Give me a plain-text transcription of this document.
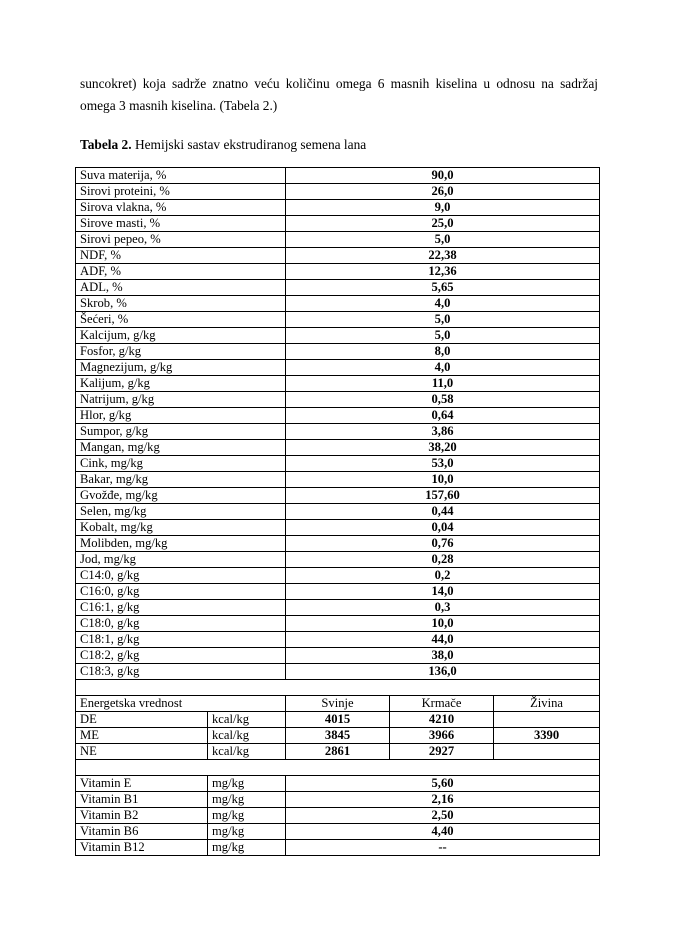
suncokret) koja sadrže znatno veću količinu omega 6 masnih kiselina u odnosu na sadržaj

omega 3 masnih kiselina. (Tabela 2.)

Tabela 2. Hemijski sastav ekstrudiranog semena lana
Suva materija, %		90,0		
Sirovi proteini, %		26,0		
Sirova vlakna, %		9,0		
Sirove masti, %		25,0		
Sirovi pepeo, %		5,0		
NDF, %		22,38		
ADF, %		12,36		
ADL, %		5,65		
Skrob, %		4,0		
Šećeri, %		5,0		
Kalcijum, g/kg		5,0		
Fosfor, g/kg		8,0		
Magnezijum, g/kg		4,0		
Kalijum, g/kg		11,0		
Natrijum, g/kg		0,58		
Hlor, g/kg		0,64		
Sumpor, g/kg		3,86		
Mangan, mg/kg		38,20		
Cink, mg/kg		53,0		
Bakar, mg/kg		10,0		
Gvožđe, mg/kg		157,60		
Selen, mg/kg		0,44		
Kobalt, mg/kg		0,04		
Molibden, mg/kg		0,76		
Jod, mg/kg		0,28		
C14:0, g/kg		0,2		
C16:0, g/kg		14,0		
C16:1, g/kg		0,3		
C18:0, g/kg		10,0		
C18:1, g/kg		44,0		
C18:2, g/kg		38,0		
C18:3, g/kg		136,0		

Energetska vrednost		Svinje	Krmače	Živina
DE	kcal/kg	4015	4210	
ME	kcal/kg	3845	3966	3390
NE	kcal/kg	2861	2927	

Vitamin E	mg/kg	5,60		
Vitamin B1	mg/kg	2,16		
Vitamin B2	mg/kg	2,50		
Vitamin B6	mg/kg	4,40		
Vitamin B12	mg/kg	--		
